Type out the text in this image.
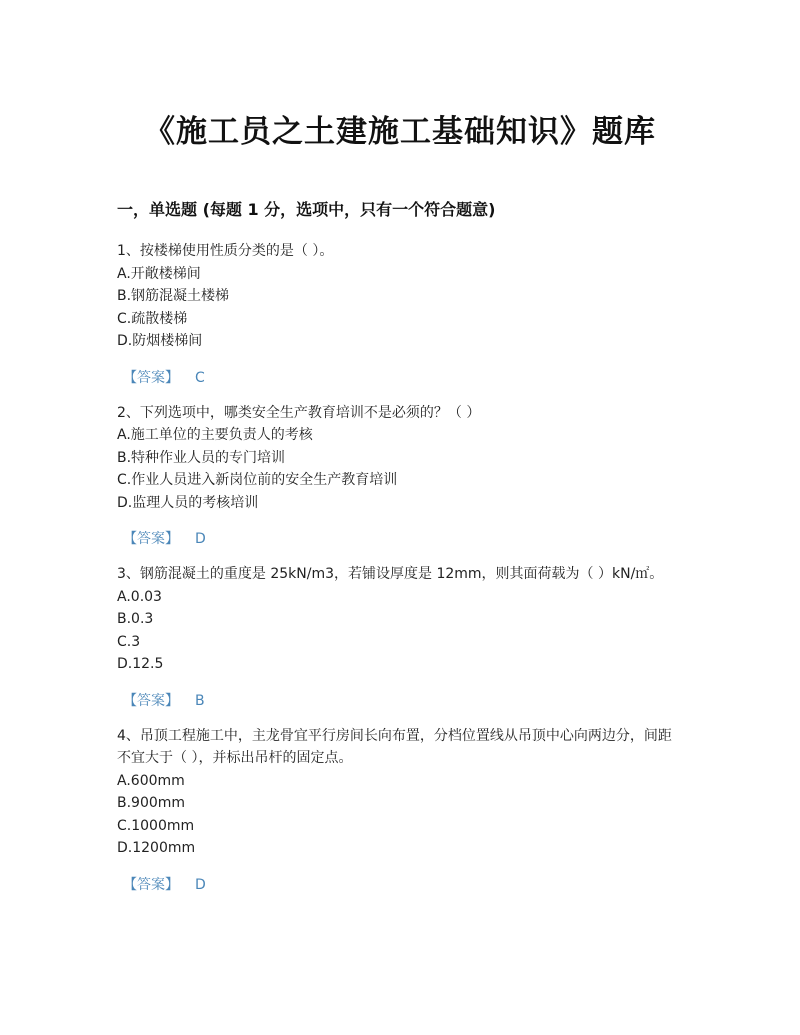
《施工员之土建施工基础知识》题库
一，单选题 (每题 1 分，选项中，只有一个符合题意)
1、按楼梯使用性质分类的是（ ）。
A.开敞楼梯间
B.钢筋混凝土楼梯
C.疏散楼梯
D.防烟楼梯间
【答案】 C
2、下列选项中，哪类安全生产教育培训不是必须的？（ ）
A.施工单位的主要负责人的考核
B.特种作业人员的专门培训
C.作业人员进入新岗位前的安全生产教育培训
D.监理人员的考核培训
【答案】 D
3、钢筋混凝土的重度是 25kN/m3，若铺设厚度是 12mm，则其面荷载为（ ）kN/㎡。
A.0.03
B.0.3
C.3
D.12.5
【答案】 B
4、吊顶工程施工中，主龙骨宜平行房间长向布置，分档位置线从吊顶中心向两边分，间距不宜大于（ ），并标出吊杆的固定点。
A.600mm
B.900mm
C.1000mm
D.1200mm
【答案】 D
